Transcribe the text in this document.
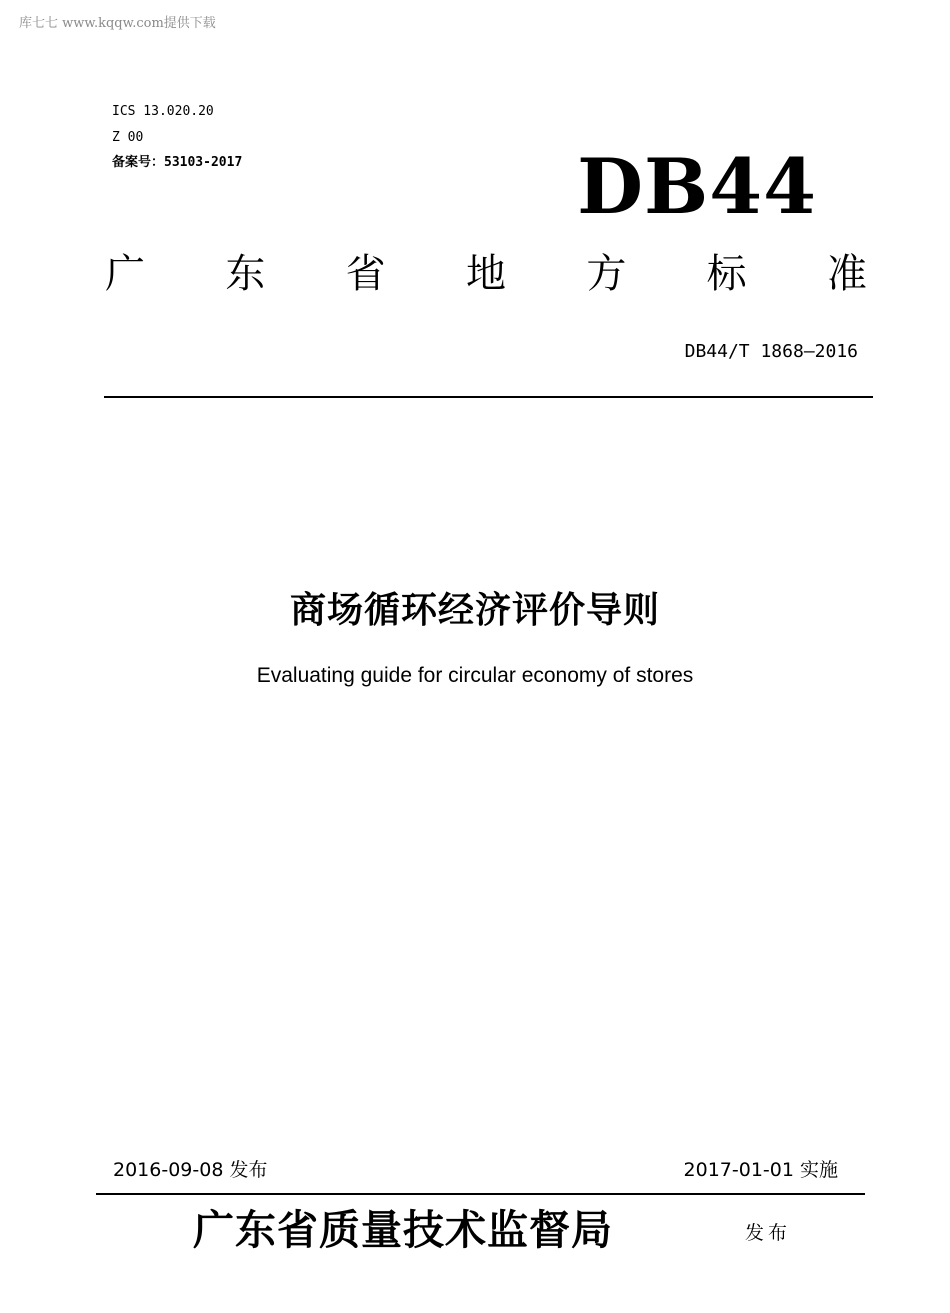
库七七 www.kqqw.com提供下载
ICS 13.020.20
Z 00
备案号：53103-2017	DB44
广 东 省 地 方 标 准
DB44/T 1868—2016
商场循环经济评价导则
Evaluating guide for circular economy of stores
2016-09-08 发布	2017-01-01 实施
广东省质量技术监督局	发布
